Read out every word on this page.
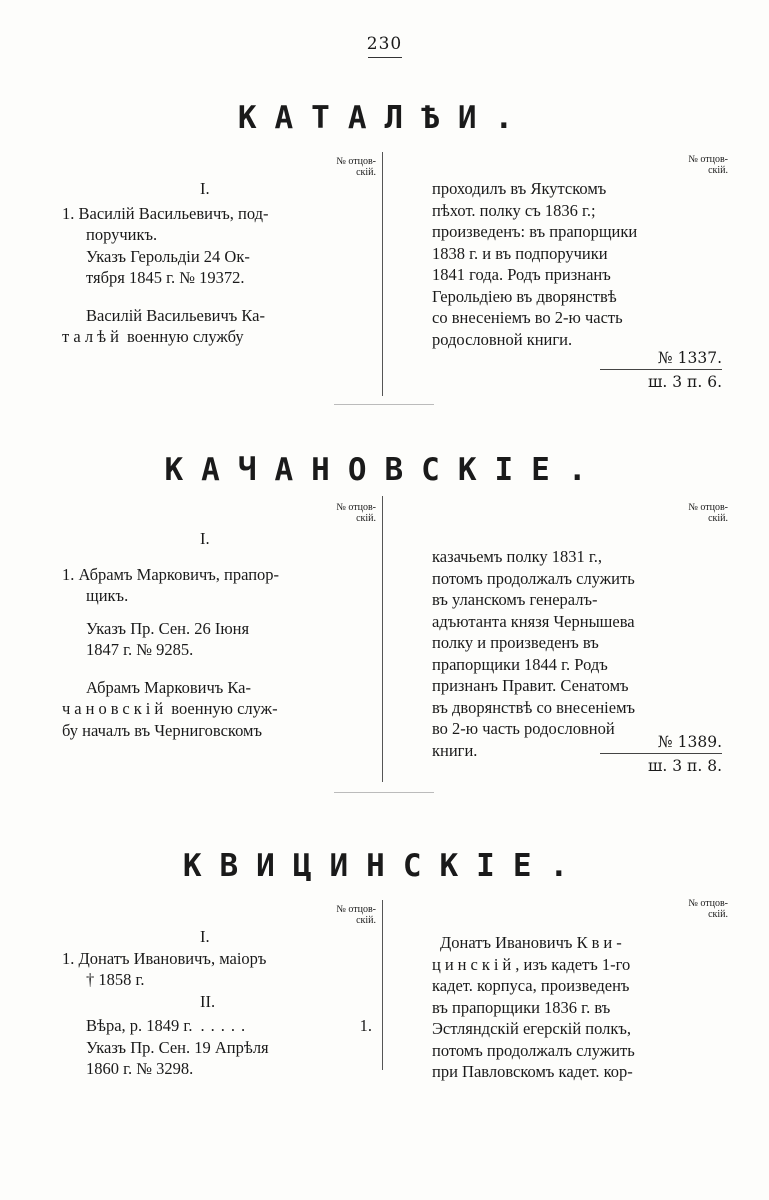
230
КАТАЛѢИ.
№ отцов-
скій.
№ отцов-
скій.

I.

1. Василій Васильевичъ, под-

поручикъ.

Указъ Герольдіи 24 Ок-

тября 1845 г. № 19372.

Василій Васильевичъ Ка-

талѣй военную службу

проходилъ въ Якутскомъ

пѣхот. полку съ 1836 г.;

произведенъ: въ прапорщики

1838 г. и въ подпоручики

1841 года. Родъ признанъ

Герольдіею въ дворянствѣ

со внесеніемъ во 2-ю часть

родословной книги.

№ 1337.
ш. 3 п. 6.
КАЧАНОВСКІЕ.
№ отцов-
скій.
№ отцов-
скій.

I.

1. Абрамъ Марковичъ, прапор-

щикъ.

Указъ Пр. Сен. 26 Іюня

1847 г. № 9285.

Абрамъ Марковичъ Ка-

чановскій военную служ-

бу началъ въ Черниговскомъ

казачьемъ полку 1831 г.,

потомъ продолжалъ служить

въ уланскомъ генералъ-

адъютанта князя Чернышева

полку и произведенъ въ

прапорщики 1844 г. Родъ

признанъ Правит. Сенатомъ

въ дворянствѣ со внесеніемъ

во 2-ю часть родословной

книги.	№ 1389.
ш. 3 п. 8.
КВИЦИНСКІЕ.
№ отцов-
скій.
№ отцов-
скій.

I.

1. Донатъ Ивановичъ, маіоръ

† 1858 г.

II.

Вѣра, р. 1849 г. .....	1.

Указъ Пр. Сен. 19 Апрѣля

1860 г. № 3298.

Донатъ Ивановичъ Кви-

цинскій, изъ кадетъ 1-го

кадет. корпуса, произведенъ

въ прапорщики 1836 г. въ

Эстляндскій егерскій полкъ,

потомъ продолжалъ служить

при Павловскомъ кадет. кор-
